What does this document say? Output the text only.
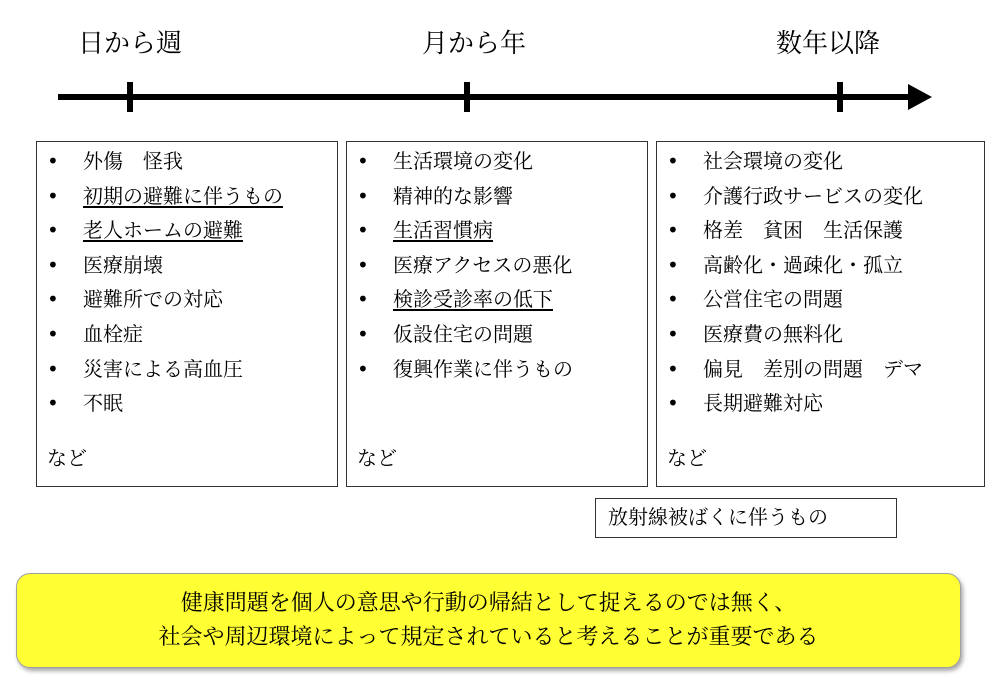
日から週	月から年	数年以降
• 外傷　怪我
• 初期の避難に伴うもの
• 老人ホームの避難
• 医療崩壊
• 避難所での対応
• 血栓症
• 災害による高血圧
• 不眠
など
• 生活環境の変化
• 精神的な影響
• 生活習慣病
• 医療アクセスの悪化
• 検診受診率の低下
• 仮設住宅の問題
• 復興作業に伴うもの
など
• 社会環境の変化
• 介護行政サービスの変化
• 格差　貧困　生活保護
• 高齢化・過疎化・孤立
• 公営住宅の問題
• 医療費の無料化
• 偏見　差別の問題　デマ
• 長期避難対応
など
放射線被ばくに伴うもの
健康問題を個人の意思や行動の帰結として捉えるのでは無く、
社会や周辺環境によって規定されていると考えることが重要である
